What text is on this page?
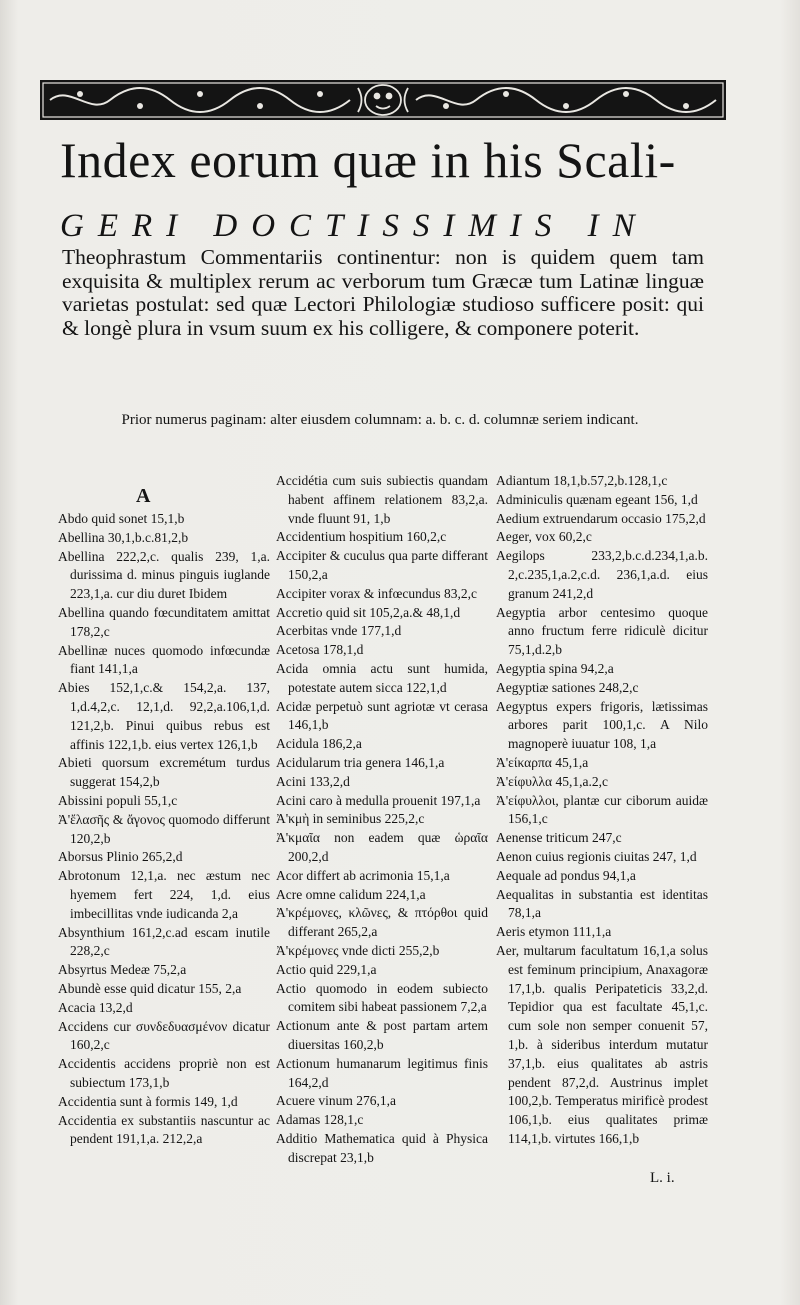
Index eorum quæ in his Scali-
GERI DOCTISSIMIS IN
Theophrastum Commentariis continentur: non is quidem quem tam exquisita & multiplex rerum ac verborum tum Græcæ tum Latinæ linguæ varietas postulat: sed quæ Lectori Philologiæ studioso sufficere posit: qui & longè plura in vsum suum ex his colligere, & componere poterit.
Prior numerus paginam: alter eiusdem columnam: a. b. c. d. columnæ seriem indicant.
A

Abdo quid sonet 15,1,b

Abellina 30,1,b.c.81,2,b

Abellina 222,2,c. qualis 239, 1,a. durissima d. minus pinguis iuglande 223,1,a. cur diu duret Ibidem

Abellina quando fœcunditatem amittat 178,2,c

Abellinæ nuces quomodo infœcundæ fiant 141,1,a

Abies 152,1,c.& 154,2,a. 137, 1,d.4,2,c. 12,1,d. 92,2,a.106,1,d. 121,2,b. Pinui quibus rebus est affinis 122,1,b. eius vertex 126,1,b

Abieti quorsum excremétum turdus suggerat 154,2,b

Abissini populi 55,1,c

Ἀ'ἔλασῆς & ἄγονος quomodo differunt 120,2,b

Aborsus Plinio 265,2,d

Abrotonum 12,1,a. nec æstum nec hyemem fert 224, 1,d. eius imbecillitas vnde iudicanda 2,a

Absynthium 161,2,c.ad escam inutile 228,2,c

Absyrtus Medeæ 75,2,a

Abundè esse quid dicatur 155, 2,a

Acacia 13,2,d

Accidens cur συνδεδυασμένον dicatur 160,2,c

Accidentis accidens propriè non est subiectum 173,1,b

Accidentia sunt à formis 149, 1,d

Accidentia ex substantiis nascuntur ac pendent 191,1,a. 212,2,a

Accidétia cum suis subiectis quandam habent affinem relationem 83,2,a. vnde fluunt 91, 1,b

Accidentium hospitium 160,2,c

Accipiter & cuculus qua parte differant 150,2,a

Accipiter vorax & infœcundus 83,2,c

Accretio quid sit 105,2,a.& 48,1,d

Acerbitas vnde 177,1,d

Acetosa 178,1,d

Acida omnia actu sunt humida, potestate autem sicca 122,1,d

Acidæ perpetuò sunt agriotæ vt cerasa 146,1,b

Acidula 186,2,a

Acidularum tria genera 146,1,a

Acini 133,2,d

Acini caro à medulla prouenit 197,1,a

Ἀ'κμὴ in seminibus 225,2,c

Ἀ'κμαῖα non eadem quæ ὡραῖα 200,2,d

Acor differt ab acrimonia 15,1,a

Acre omne calidum 224,1,a

Ἀ'κρέμονες, κλῶνες, & πτόρθοι quid differant 265,2,a

Ἀ'κρέμονες vnde dicti 255,2,b

Actio quid 229,1,a

Actio quomodo in eodem subiecto comitem sibi habeat passionem 7,2,a

Actionum ante & post partam artem diuersitas 160,2,b

Actionum humanarum legitimus finis 164,2,d

Acuere vinum 276,1,a

Adamas 128,1,c

Additio Mathematica quid à Physica discrepat 23,1,b

Adiantum 18,1,b.57,2,b.128,1,c

Adminiculis quænam egeant 156, 1,d

Aedium extruendarum occasio 175,2,d

Aeger, vox 60,2,c

Aegilops 233,2,b.c.d.234,1,a.b. 2,c.235,1,a.2,c.d. 236,1,a.d. eius granum 241,2,d

Aegyptia arbor centesimo quoque anno fructum ferre ridiculè dicitur 75,1,d.2,b

Aegyptia spina 94,2,a

Aegyptiæ sationes 248,2,c

Aegyptus expers frigoris, lætissimas arbores parit 100,1,c. A Nilo magnoperè iuuatur 108, 1,a

Ἀ'είκαρπα 45,1,a

Ἀ'είφυλλα 45,1,a.2,c

Ἀ'είφυλλοι, plantæ cur ciborum auidæ 156,1,c

Aenense triticum 247,c

Aenon cuius regionis ciuitas 247, 1,d

Aequale ad pondus 94,1,a

Aequalitas in substantia est identitas 78,1,a

Aeris etymon 111,1,a

Aer, multarum facultatum 16,1,a solus est feminum principium, Anaxagoræ 17,1,b. qualis Peripateticis 33,2,d. Tepidior qua est facultate 45,1,c. cum sole non semper conuenit 57, 1,b. à sideribus interdum mutatur 37,1,b. eius qualitates ab astris pendent 87,2,d. Austrinus implet 100,2,b. Temperatus mirificè prodest 106,1,b. eius qualitates primæ 114,1,b. virtutes 166,1,b

L. i.
